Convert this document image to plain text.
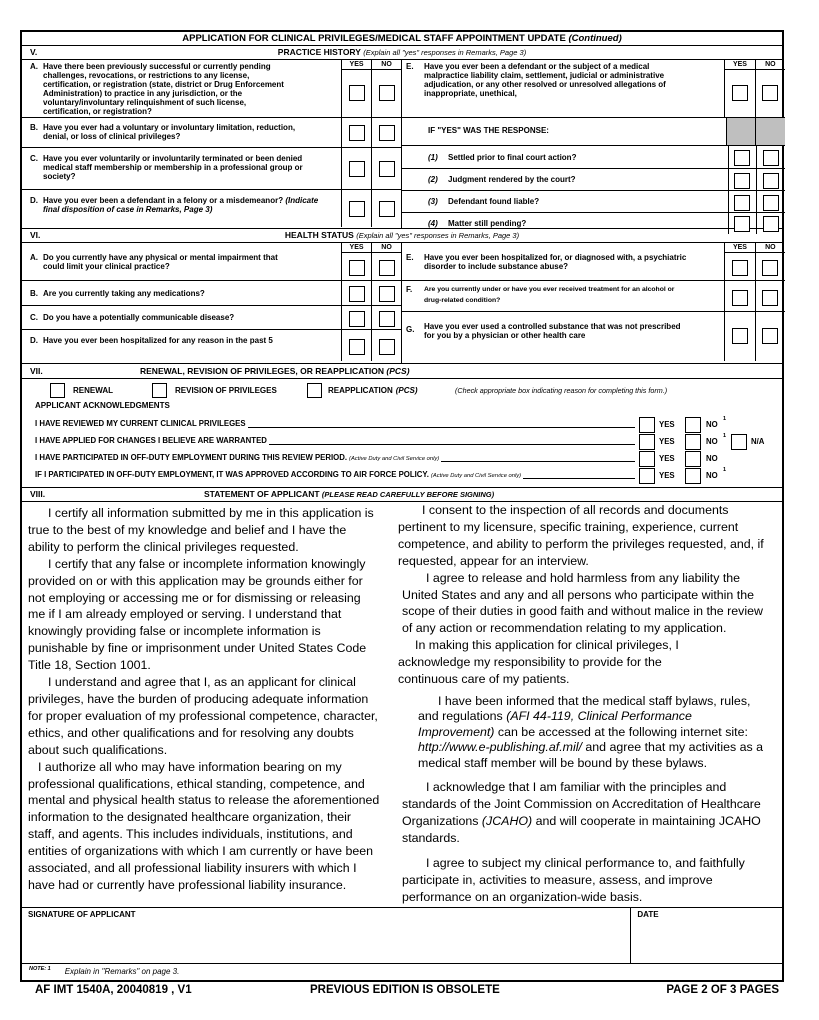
APPLICATION FOR CLINICAL PRIVILEGES/MEDICAL STAFF APPOINTMENT UPDATE (Continued)
V.	PRACTICE HISTORY (Explain all "yes" responses in Remarks, Page 3)
A. Have there been previously successful or currently pending challenges, revocations, or restrictions to any license, certification, or registration (state, district or Drug Enforcement Administration) to practice in any jurisdiction, or the voluntary/involuntary relinquishment of such license, certification, or registration?
YES	NO
B. Have you ever had a voluntary or involuntary limitation, reduction, denial, or loss of clinical privileges?
C. Have you ever voluntarily or involuntarily terminated or been denied medical staff membership or membership in a professional group or society?
D. Have you ever been a defendant in a felony or a misdemeanor? (Indicate final disposition of case in Remarks, Page 3)
E.	Have you ever been a defendant or the subject of a medical malpractice liability claim, settlement, judicial or administrative adjudication, or any other resolved or unresolved allegations of inappropriate, unethical,
YES	NO
IF "YES" WAS THE RESPONSE:
(1)	Settled prior to final court action?
(2)	Judgment rendered by the court?
(3)	Defendant found liable?
(4)	Matter still pending?
VI.	HEALTH STATUS (Explain all "yes" responses in Remarks, Page 3)
A. Do you currently have any physical or mental impairment that could limit your clinical practice?
YES	NO
B. Are you currently taking any medications?
C. Do you have a potentially communicable disease?
D. Have you ever been hospitalized for any reason in the past 5
E.	Have you ever been hospitalized for, or diagnosed with, a psychiatric disorder to include substance abuse?
YES	NO
F.	Are you currently under or have you ever received treatment for an alcohol or drug-related condition?
G.	Have you ever used a controlled substance that was not prescribed for you by a physician or other health care
VII.	RENEWAL, REVISION OF PRIVILEGES, OR REAPPLICATION (PCS)
RENEWAL	REVISION OF PRIVILEGES	REAPPLICATION (PCS)	(Check appropriate box indicating reason for completing this form.)
APPLICANT ACKNOWLEDGMENTS
I HAVE REVIEWED MY CURRENT CLINICAL PRIVILEGES	YES	NO
1
I HAVE APPLIED FOR CHANGES I BELIEVE ARE WARRANTED	YES	NO
1
N/A
I HAVE PARTICIPATED IN OFF-DUTY EMPLOYMENT DURING THIS REVIEW PERIOD. (Active Duty and Civil Service only)	YES	NO
IF I PARTICIPATED IN OFF-DUTY EMPLOYMENT, IT WAS APPROVED ACCORDING TO AIR FORCE POLICY. (Active Duty and Civil Service only)	YES	NO
1
VIII.	STATEMENT OF APPLICANT (PLEASE READ CAREFULLY BEFORE SIGNING)
I certify all information submitted by me in this application is true to the best of my knowledge and belief and I have the ability to perform the clinical privileges requested.
I certify that any false or incomplete information knowingly provided on or with this application may be grounds either for not employing or accessing me or for dismissing or releasing me if I am already employed or serving. I understand that knowingly providing false or incomplete information is punishable by fine or imprisonment under United States Code Title 18, Section 1001.
I understand and agree that I, as an applicant for clinical privileges, have the burden of producing adequate information for proper evaluation of my professional competence, character, ethics, and other qualifications and for resolving any doubts about such qualifications.
I authorize all who may have information bearing on my professional qualifications, ethical standing, competence, and mental and physical health status to release the aforementioned information to the designated healthcare organization, their staff, and agents. This includes individuals, institutions, and entities of organizations with which I am currently or have been associated, and all professional liability insurers with which I have had or currently have professional liability insurance.
I consent to the inspection of all records and documents pertinent to my licensure, specific training, experience, current competence, and ability to perform the privileges requested, and, if requested, appear for an interview.
I agree to release and hold harmless from any liability the United States and any and all persons who participate within the scope of their duties in good faith and without malice in the review of any action or recommendation relating to my application.
In making this application for clinical privileges, I acknowledge my responsibility to provide for the continuous care of my patients.
I have been informed that the medical staff bylaws, rules, and regulations (AFI 44-119, Clinical Performance Improvement) can be accessed at the following internet site: http://www.e-publishing.af.mil/ and agree that my activities as a medical staff member will be bound by these bylaws.
I acknowledge that I am familiar with the principles and standards of the Joint Commission on Accreditation of Healthcare Organizations (JCAHO) and will cooperate in maintaining JCAHO standards.
I agree to subject my clinical performance to, and faithfully participate in, activities to measure, assess, and improve performance on an organization-wide basis.
SIGNATURE OF APPLICANT	DATE
NOTE: 1 Explain in "Remarks" on page 3.
AF IMT 1540A, 20040819 , V1	PREVIOUS EDITION IS OBSOLETE	PAGE 2 OF 3 PAGES
